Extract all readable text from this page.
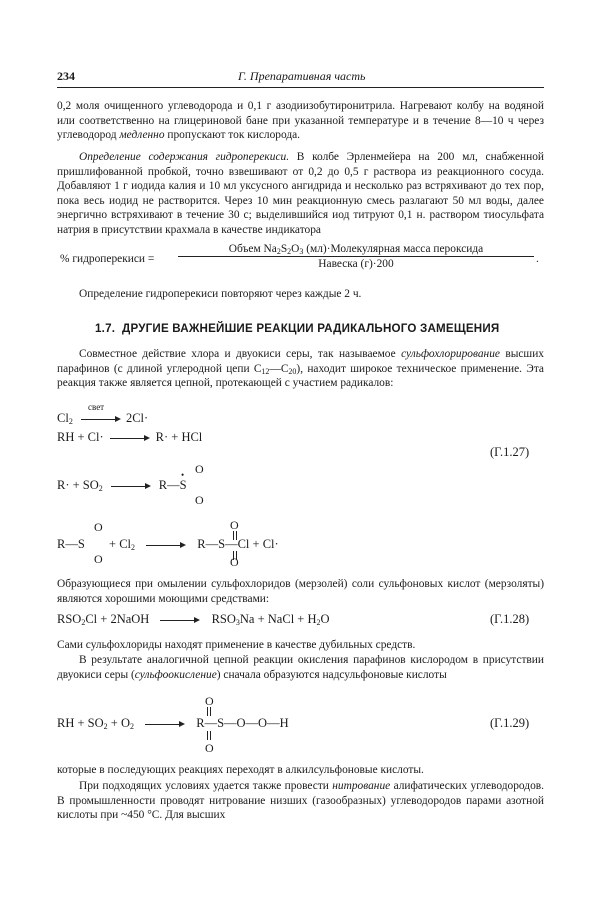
234	Г. Препаративная часть

0,2 моля очищенного углеводорода и 0,1 г азодиизобутиронитрила. Нагревают колбу на водяной или соответственно на глицериновой бане при указанной температуре и в течение 8—10 ч через углеводород медленно пропускают ток кислорода.

Определение содержания гидроперекиси. В колбе Эрленмейера на 200 мл, снабженной пришлифованной пробкой, точно взвешивают от 0,2 до 0,5 г раствора из реакционного сосуда. Добавляют 1 г иодида калия и 10 мл уксусного ангидрида и несколько раз встряхивают до тех пор, пока весь иодид не растворится. Через 10 мин реакционную смесь разлагают 50 мл воды, далее энергично встряхивают в течение 30 с; выделившийся иод титруют 0,1 н. раствором тиосульфата натрия в присутствии крахмала в качестве индикатора

% гидроперекиси =
Объем $Na_2S_2O_3$ (мл)·Молекулярная масса пероксида
Навеска (г)·200	.

Определение гидроперекиси повторяют через каждые 2 ч.

1.7. ДРУГИЕ ВАЖНЕЙШИЕ РЕАКЦИИ РАДИКАЛЬНОГО ЗАМЕЩЕНИЯ

Совместное действие хлора и двуокиси серы, так называемое сульфохлорирование высших парафинов (с длиной углеродной цепи $C_{12}—C_{20}$), находит широкое техническое применение. Эта реакция также является цепной, протекающей с участием радикалов:

$Cl_2$	2Cl·
свет
RH + Cl·	R· + HCl
(Г.1.27)
$R\cdot + SO_2$	R—S
O
O
•
R—S + $Cl_2$	R—S—Cl + Cl·
O
O
O
O

Образующиеся при омылении сульфохлоридов (мерзолей) соли сульфоновых кислот (мерзоляты) являются хорошими моющими средствами:

$RSO_2Cl$ + 2NaOH	$RSO_3Na$ + NaCl + $H_2O$	(Г.1.28)

Сами сульфохлориды находят применение в качестве дубильных средств.

В результате аналогичной цепной реакции окисления парафинов кислородом в присутствии двуокиси серы (сульфоокисление) сначала образуются надсульфоновые кислоты

RH + $SO_2 + O_2$	R—S—O—O—H
O
O
(Г.1.29)

которые в последующих реакциях переходят в алкилсульфоновые кислоты.

При подходящих условиях удается также провести нитрование алифатических углеводородов. В промышленности проводят нитрование низших (газообразных) углеводородов парами азотной кислоты при ~450 °С. Для высших
